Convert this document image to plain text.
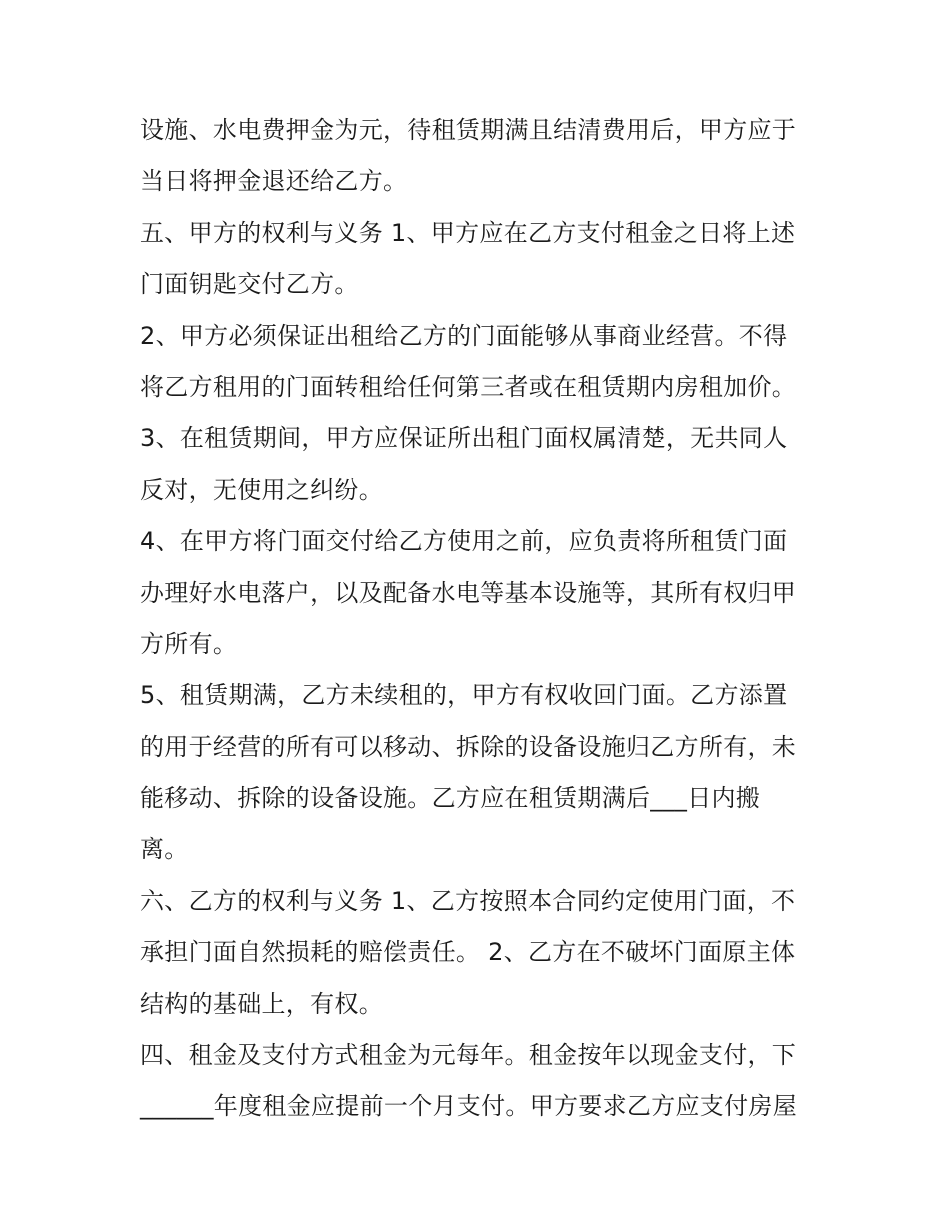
设施、水电费押金为元，待租赁期满且结清费用后，甲方应于
当日将押金退还给乙方。
五、甲方的权利与义务 1、甲方应在乙方支付租金之日将上述
门面钥匙交付乙方。
2、甲方必须保证出租给乙方的门面能够从事商业经营。不得
将乙方租用的门面转租给任何第三者或在租赁期内房租加价。
3、在租赁期间，甲方应保证所出租门面权属清楚，无共同人
反对，无使用之纠纷。
4、在甲方将门面交付给乙方使用之前，应负责将所租赁门面
办理好水电落户，以及配备水电等基本设施等，其所有权归甲
方所有。
5、租赁期满，乙方未续租的，甲方有权收回门面。乙方添置
的用于经营的所有可以移动、拆除的设备设施归乙方所有，未
能移动、拆除的设备设施。乙方应在租赁期满后___日内搬
离。
六、乙方的权利与义务 1、乙方按照本合同约定使用门面，不
承担门面自然损耗的赔偿责任。 2、乙方在不破坏门面原主体
结构的基础上，有权。
四、租金及支付方式租金为元每年。租金按年以现金支付，下
______年度租金应提前一个月支付。甲方要求乙方应支付房屋
